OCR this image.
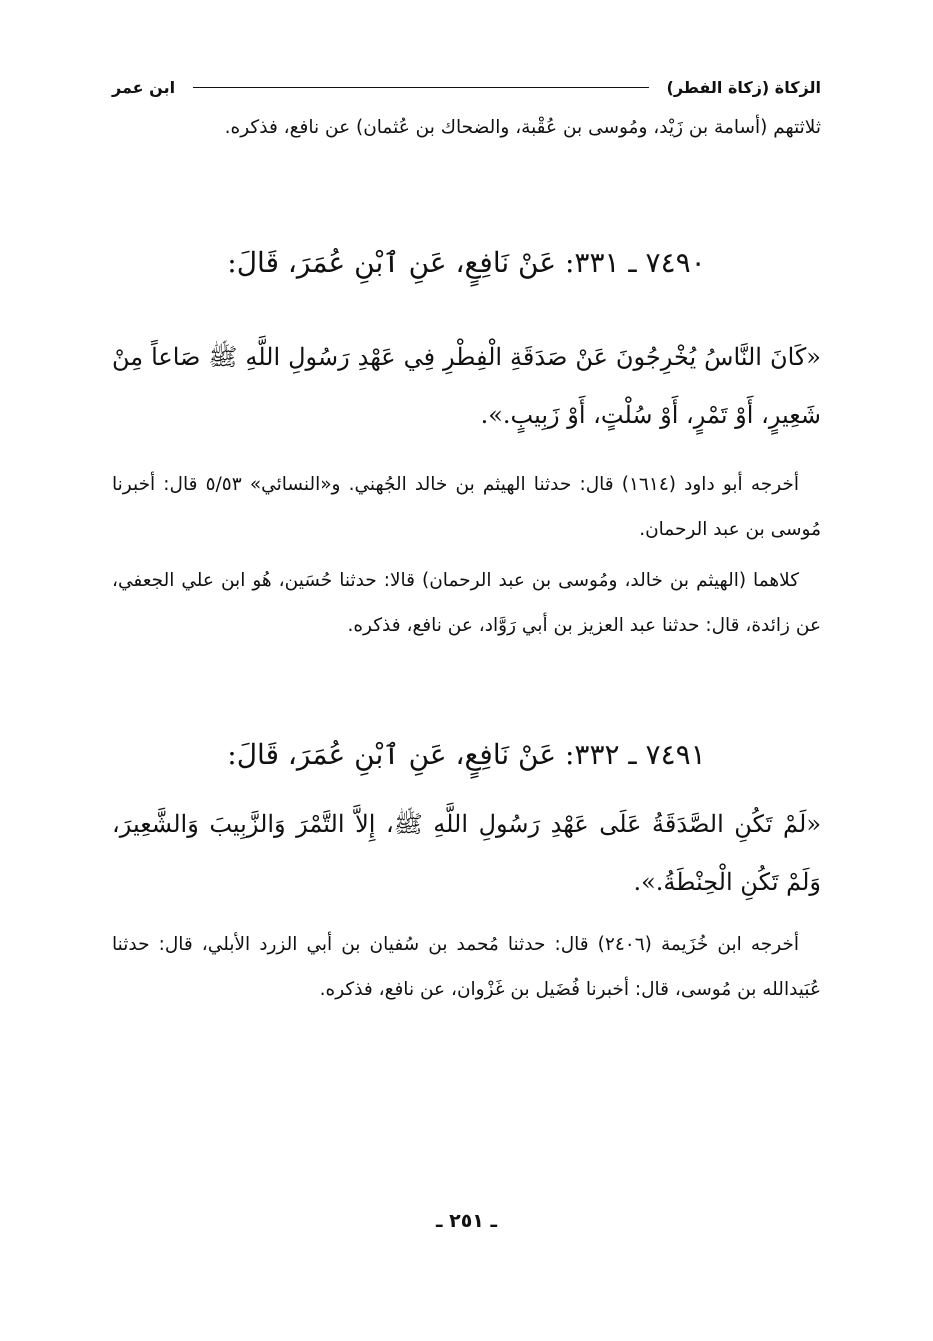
الزكاة (زكاة الفطر)
ابن عمر

ثلاثتهم (أسامة بن زَيْد، ومُوسى بن عُقْبة، والضحاك بن عُثمان) عن نافع، فذكره.

٧٤٩٠ ـ ٣٣١: عَنْ نَافِعٍ، عَنِ ٱبْنِ عُمَرَ، قَالَ:

«كَانَ النَّاسُ يُخْرِجُونَ عَنْ صَدَقَةِ الْفِطْرِ فِي عَهْدِ رَسُولِ اللَّهِ ﷺ صَاعاً مِنْ شَعِيرٍ، أَوْ تَمْرٍ، أَوْ سُلْتٍ، أَوْ زَبِيبٍ.».

أخرجه أبو داود (١٦١٤) قال: حدثنا الهيثم بن خالد الجُهني. و«النسائي» ٥/٥٣ قال: أخبرنا مُوسى بن عبد الرحمان.

كلاهما (الهيثم بن خالد، ومُوسى بن عبد الرحمان) قالا: حدثنا حُسَين، هُو ابن علي الجعفي، عن زائدة، قال: حدثنا عبد العزيز بن أبي رَوَّاد، عن نافع، فذكره.

٧٤٩١ ـ ٣٣٢: عَنْ نَافِعٍ، عَنِ ٱبْنِ عُمَرَ، قَالَ:

«لَمْ تَكُنِ الصَّدَقَةُ عَلَى عَهْدِ رَسُولِ اللَّهِ ﷺ، إِلاَّ التَّمْرَ وَالزَّبِيبَ وَالشَّعِيرَ، وَلَمْ تَكُنِ الْحِنْطَةُ.».

أخرجه ابن خُزَيمة (٢٤٠٦) قال: حدثنا مُحمد بن سُفيان بن أبي الزرد الأبلي، قال: حدثنا عُبَيدالله بن مُوسى، قال: أخبرنا فُضَيل بن غَزْوان، عن نافع، فذكره.

ـ ٢٥١ ـ
